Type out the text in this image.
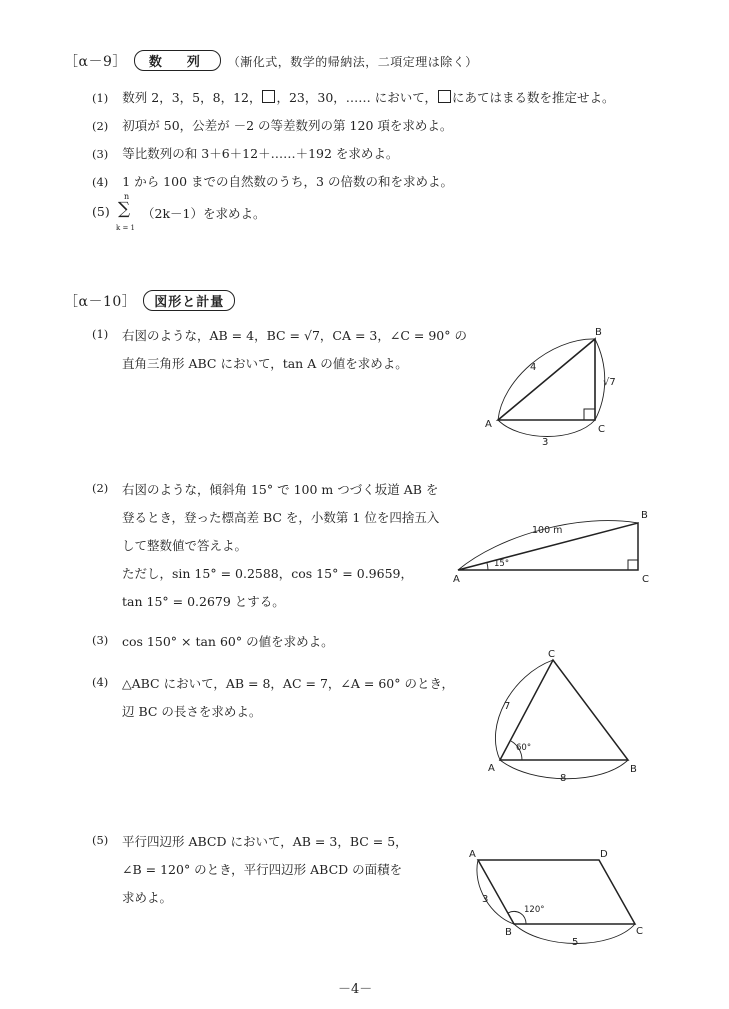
［α－9］ 数　列 （漸化式，数学的帰納法，二項定理は除く）
(1) 数列 2，3，5，8，12， ，23，30，…… において， にあてはまる数を推定せよ。
(2) 初項が 50，公差が －2 の等差数列の第 120 項を求めよ。
(3) 等比数列の和 3＋6＋12＋……＋192 を求めよ。
(4) 1 から 100 までの自然数のうち，3 の倍数の和を求めよ。
(5)
n
∑
k = 1
（2k－1）を求めよ。
［α－10］ 図形と計量
(1) 右図のような，AB = 4，BC = √7，CA = 3，∠C = 90° の
直角三角形 ABC において，tan A の値を求めよ。
(2) 右図のような，傾斜角 15° で 100 m つづく坂道 AB を
登るとき，登った標高差 BC を，小数第 1 位を四捨五入
して整数値で答えよ。
ただし，sin 15° = 0.2588，cos 15° = 0.9659，
tan 15° = 0.2679 とする。
(3) cos 150° × tan 60° の値を求めよ。
(4) △ABC において，AB = 8，AC = 7，∠A = 60° のとき，
辺 BC の長さを求めよ。
(5) 平行四辺形 ABCD において，AB = 3，BC = 5，
∠B = 120° のとき，平行四辺形 ABCD の面積を
求めよ。
A
B
C
4
√7
3
A
B
C
100 m
15°
A
C
B
7
8
60°
A	D
C
B
3
5
120°
－4－
